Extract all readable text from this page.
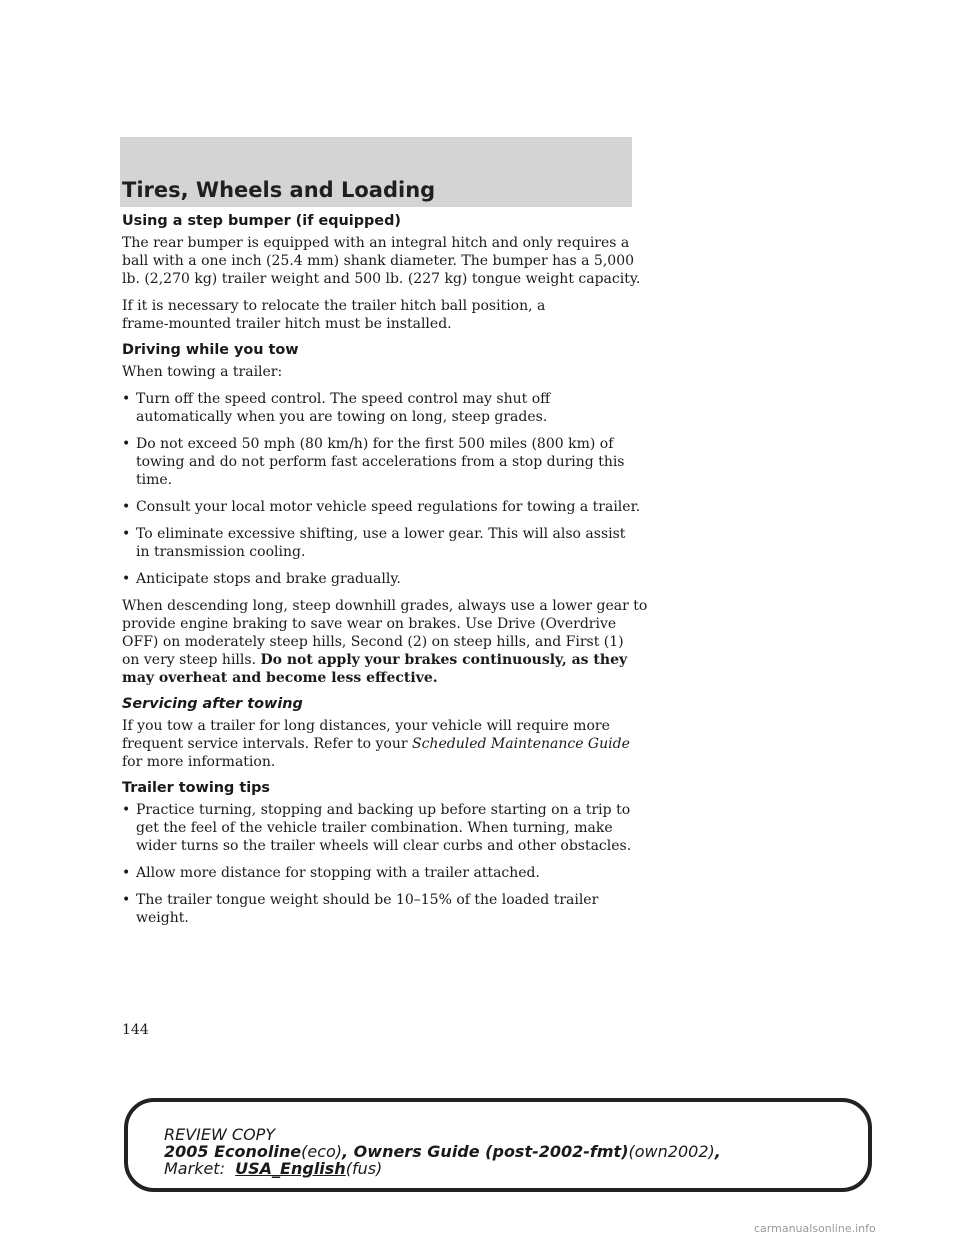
Tires, Wheels and Loading
Using a step bumper (if equipped)

The rear bumper is equipped with an integral hitch and only requires a
ball with a one inch (25.4 mm) shank diameter. The bumper has a 5,000
lb. (2,270 kg) trailer weight and 500 lb. (227 kg) tongue weight capacity.

If it is necessary to relocate the trailer hitch ball position, a
frame-mounted trailer hitch must be installed.

Driving while you tow

When towing a trailer:

• Turn off the speed control. The speed control may shut off
automatically when you are towing on long, steep grades.
• Do not exceed 50 mph (80 km/h) for the first 500 miles (800 km) of
towing and do not perform fast accelerations from a stop during this
time.
• Consult your local motor vehicle speed regulations for towing a trailer.
• To eliminate excessive shifting, use a lower gear. This will also assist
in transmission cooling.
• Anticipate stops and brake gradually.

When descending long, steep downhill grades, always use a lower gear to
provide engine braking to save wear on brakes. Use Drive (Overdrive
OFF) on moderately steep hills, Second (2) on steep hills, and First (1)
on very steep hills. Do not apply your brakes continuously, as they
may overheat and become less effective.

Servicing after towing

If you tow a trailer for long distances, your vehicle will require more
frequent service intervals. Refer to your Scheduled Maintenance Guide
for more information.

Trailer towing tips
• Practice turning, stopping and backing up before starting on a trip to
get the feel of the vehicle trailer combination. When turning, make
wider turns so the trailer wheels will clear curbs and other obstacles.
• Allow more distance for stopping with a trailer attached.
• The trailer tongue weight should be 10–15% of the loaded trailer
weight.
144
REVIEW COPY
2005 Econoline(eco), Owners Guide (post-2002-fmt)(own2002),
Market:  USA_English(fus)
carmanualsonline.info
